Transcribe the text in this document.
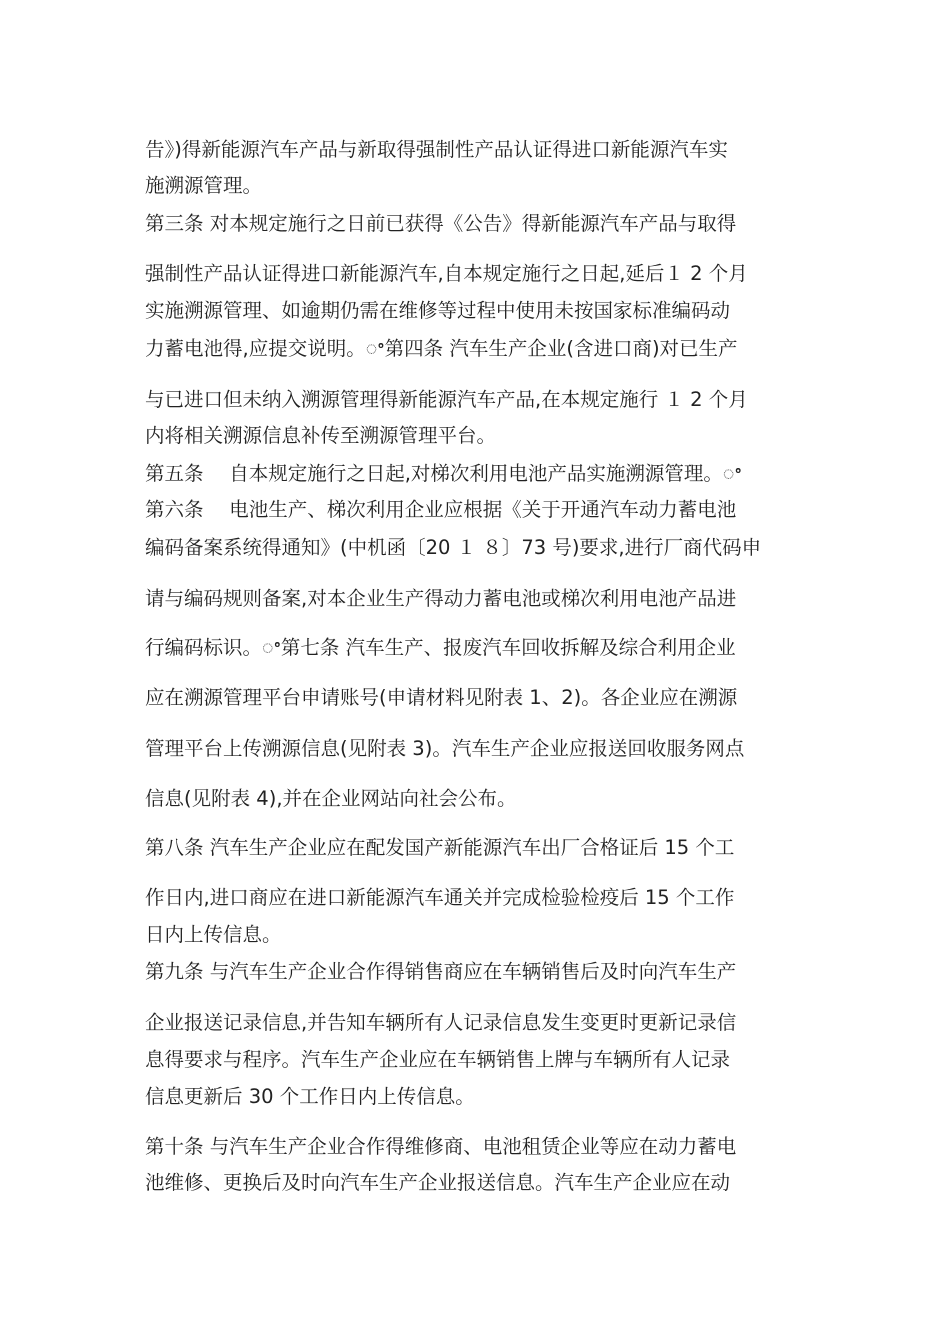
告》)得新能源汽车产品与新取得强制性产品认证得进口新能源汽车实
施溯源管理。
第三条 对本规定施行之日前已获得《公告》得新能源汽车产品与取得
强制性产品认证得进口新能源汽车,自本规定施行之日起,延后１ 2 个月
实施溯源管理、如逾期仍需在维修等过程中使用未按国家标准编码动
力蓄电池得,应提交说明。ꢀ第四条 汽车生产企业(含进口商)对已生产
与已进口但未纳入溯源管理得新能源汽车产品,在本规定施行 １ 2 个月
内将相关溯源信息补传至溯源管理平台。
第五条　 自本规定施行之日起,对梯次利用电池产品实施溯源管理。ꢀ
第六条　 电池生产、梯次利用企业应根据《关于开通汽车动力蓄电池
编码备案系统得通知》(中机函〔20 １ ８〕73 号)要求,进行厂商代码申
请与编码规则备案,对本企业生产得动力蓄电池或梯次利用电池产品进
行编码标识。ꢀ第七条 汽车生产、报废汽车回收拆解及综合利用企业
应在溯源管理平台申请账号(申请材料见附表 1、2)。各企业应在溯源
管理平台上传溯源信息(见附表 3)。汽车生产企业应报送回收服务网点
信息(见附表 4),并在企业网站向社会公布。
第八条 汽车生产企业应在配发国产新能源汽车出厂合格证后 15 个工
作日内,进口商应在进口新能源汽车通关并完成检验检疫后 15 个工作
日内上传信息。
第九条 与汽车生产企业合作得销售商应在车辆销售后及时向汽车生产
企业报送记录信息,并告知车辆所有人记录信息发生变更时更新记录信
息得要求与程序。汽车生产企业应在车辆销售上牌与车辆所有人记录
信息更新后 30 个工作日内上传信息。
第十条 与汽车生产企业合作得维修商、电池租赁企业等应在动力蓄电
池维修、更换后及时向汽车生产企业报送信息。汽车生产企业应在动
